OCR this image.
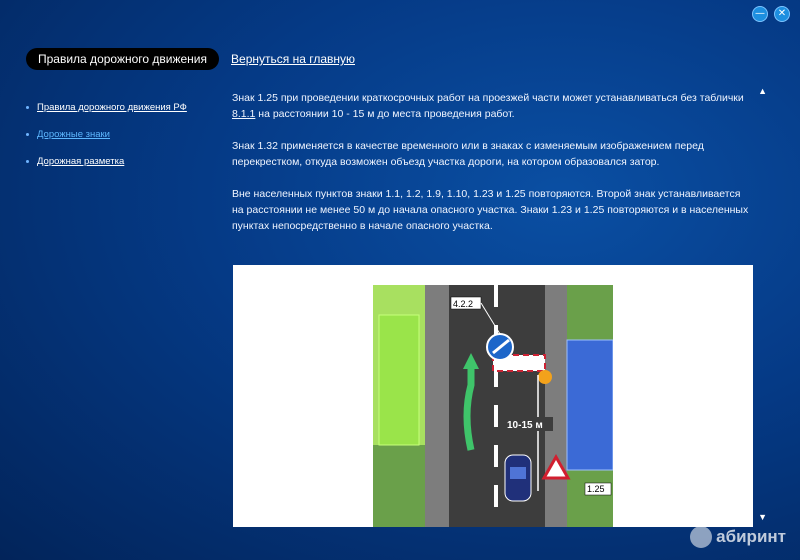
—	✕
Правила дорожного движения	Вернуться на главную
Правила дорожного движения РФ
Дорожные знаки
Дорожная разметка
▲
▼

Знак 1.25 при проведении краткосрочных работ на проезжей части может устанавливаться без таблички 8.1.1 на расстоянии 10 - 15 м до места проведения работ.

Знак 1.32 применяется в качестве временного или в знаках с изменяемым изображением перед перекрестком, откуда возможен объезд участка дороги, на котором образовался затор.

Вне населенных пунктов знаки 1.1, 1.2, 1.9, 1.10, 1.23 и 1.25 повторяются. Второй знак устанавливается на расстоянии не менее 50 м до начала опасного участка. Знаки 1.23 и 1.25 повторяются и в населенных пунктах непосредственно в начале опасного участка.

4.2.2
10-15 м
1.25
абиринт
